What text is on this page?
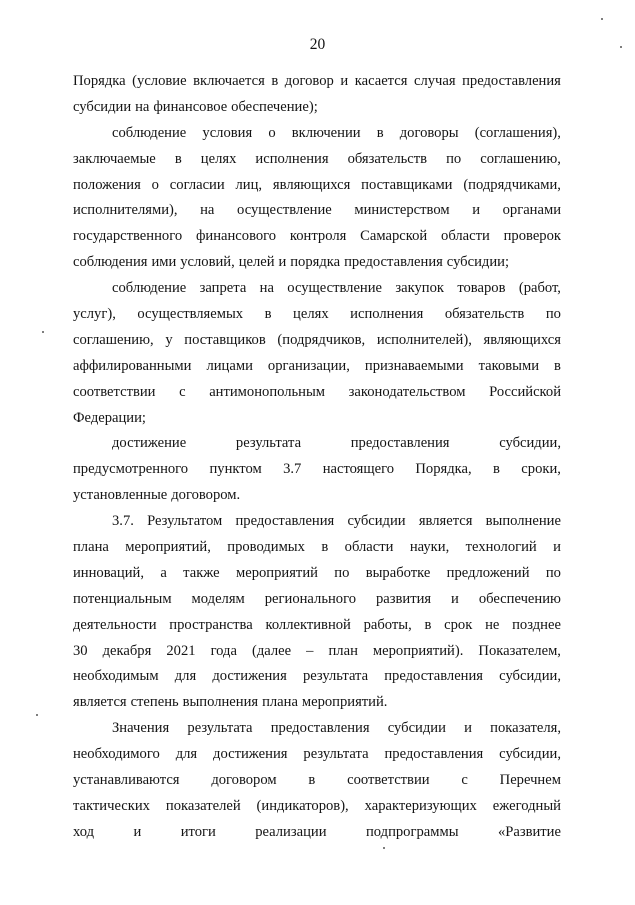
20
Порядка (условие включается в договор и касается случая предоставления
субсидии на финансовое обеспечение);
соблюдение условия о включении в договоры (соглашения),
заключаемые в целях исполнения обязательств по соглашению,
положения о согласии лиц, являющихся поставщиками (подрядчиками,
исполнителями), на осуществление министерством и органами
государственного финансового контроля Самарской области проверок
соблюдения ими условий, целей и порядка предоставления субсидии;
соблюдение запрета на осуществление закупок товаров (работ,
услуг), осуществляемых в целях исполнения обязательств по
соглашению, у поставщиков (подрядчиков, исполнителей), являющихся
аффилированными лицами организации, признаваемыми таковыми в
соответствии с антимонопольным законодательством Российской
Федерации;
достижение	результата	предоставления	субсидии,
предусмотренного пунктом 3.7 настоящего Порядка, в сроки,
установленные договором.
3.7. Результатом предоставления субсидии является выполнение
плана мероприятий, проводимых в области науки, технологий и
инноваций, а также мероприятий по выработке предложений по
потенциальным моделям регионального развития и обеспечению
деятельности пространства коллективной работы, в срок не позднее
30 декабря 2021 года (далее – план мероприятий). Показателем,
необходимым для достижения результата предоставления субсидии,
является степень выполнения плана мероприятий.
Значения результата предоставления субсидии и показателя,
необходимого для достижения результата предоставления субсидии,
устанавливаются договором в соответствии с Перечнем
тактических показателей (индикаторов), характеризующих ежегодный
ход	и	итоги	реализации	подпрограммы	«Развитие
